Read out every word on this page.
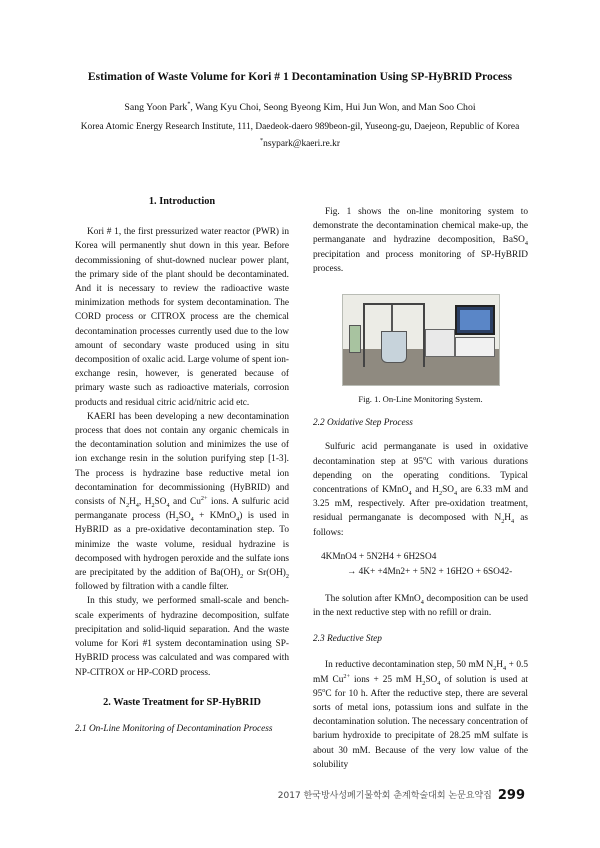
Estimation of Waste Volume for Kori # 1 Decontamination Using SP-HyBRID Process
Sang Yoon Park*, Wang Kyu Choi, Seong Byeong Kim, Hui Jun Won, and Man Soo Choi
Korea Atomic Energy Research Institute, 111, Daedeok-daero 989beon-gil, Yuseong-gu, Daejeon, Republic of Korea
*nsypark@kaeri.re.kr
1. Introduction

Kori # 1, the first pressurized water reactor (PWR) in Korea will permanently shut down in this year. Before decommissioning of shut-downed nuclear power plant, the primary side of the plant should be decontaminated. And it is necessary to review the radioactive waste minimization methods for system decontamination. The CORD process or CITROX process are the chemical decontamination processes currently used due to the low amount of secondary waste produced using in situ decomposition of oxalic acid. Large volume of spent ion-exchange resin, however, is generated because of primary waste such as radioactive materials, corrosion products and residual citric acid/nitric acid etc.

KAERI has been developing a new decontamination process that does not contain any organic chemicals in the decontamination solution and minimizes the use of ion exchange resin in the solution purifying step [1-3]. The process is hydrazine base reductive metal ion decontamination for decommissioning (HyBRID) and consists of $N_2H_4$, $H_2SO_4$ and $Cu^{2+}$ ions. A sulfuric acid permanganate process ($H_2SO_4$ + KMnO$_4$) is used in HyBRID as a pre-oxidative decontamination step. To minimize the waste volume, residual hydrazine is decomposed with hydrogen peroxide and the sulfate ions are precipitated by the addition of $Ba(OH)_2$ or $Sr(OH)_2$ followed by filtration with a candle filter.

In this study, we performed small-scale and bench-scale experiments of hydrazine decomposition, sulfate precipitation and solid-liquid separation. And the waste volume for Kori #1 system decontamination using SP-HyBRID process was calculated and was compared with NP-CITROX or HP-CORD process.

2. Waste Treatment for SP-HyBRID
2.1 On-Line Monitoring of Decontamination Process

Fig. 1 shows the on-line monitoring system to demonstrate the decontamination chemical make-up, the permanganate and hydrazine decomposition, BaSO$_4$ precipitation and process monitoring of SP-HyBRID process.

Fig. 1. On-Line Monitoring System.
2.2 Oxidative Step Process

Sulfuric acid permanganate is used in oxidative decontamination step at 95$^o$C with various durations depending on the operating conditions. Typical concentrations of KMnO$_4$ and $H_2SO_4$ are 6.33 mM and 3.25 mM, respectively. After pre-oxidation treatment, residual permanganate is decomposed with $N_2H_4$ as follows:

4KMnO4 + 5N2H4 + 6H2SO4
→ 4K+ +4Mn2+ + 5N2 + 16H2O + 6SO42-

The solution after KMnO$_4$ decomposition can be used in the next reductive step with no refill or drain.

2.3 Reductive Step

In reductive decontamination step, 50 mM $N_2H_4 + 0.5$ mM $Cu^{2+}$ ions + 25 mM $H_2SO_4$ of solution is used at 95$^o$C for 10 h. After the reductive step, there are several sorts of metal ions, potassium ions and sulfate in the decontamination solution. The necessary concentration of barium hydroxide to precipitate of 28.25 mM sulfate is about 30 mM. Because of the very low value of the solubility

2017 한국방사성폐기물학회 춘계학술대회 논문요약집 299
